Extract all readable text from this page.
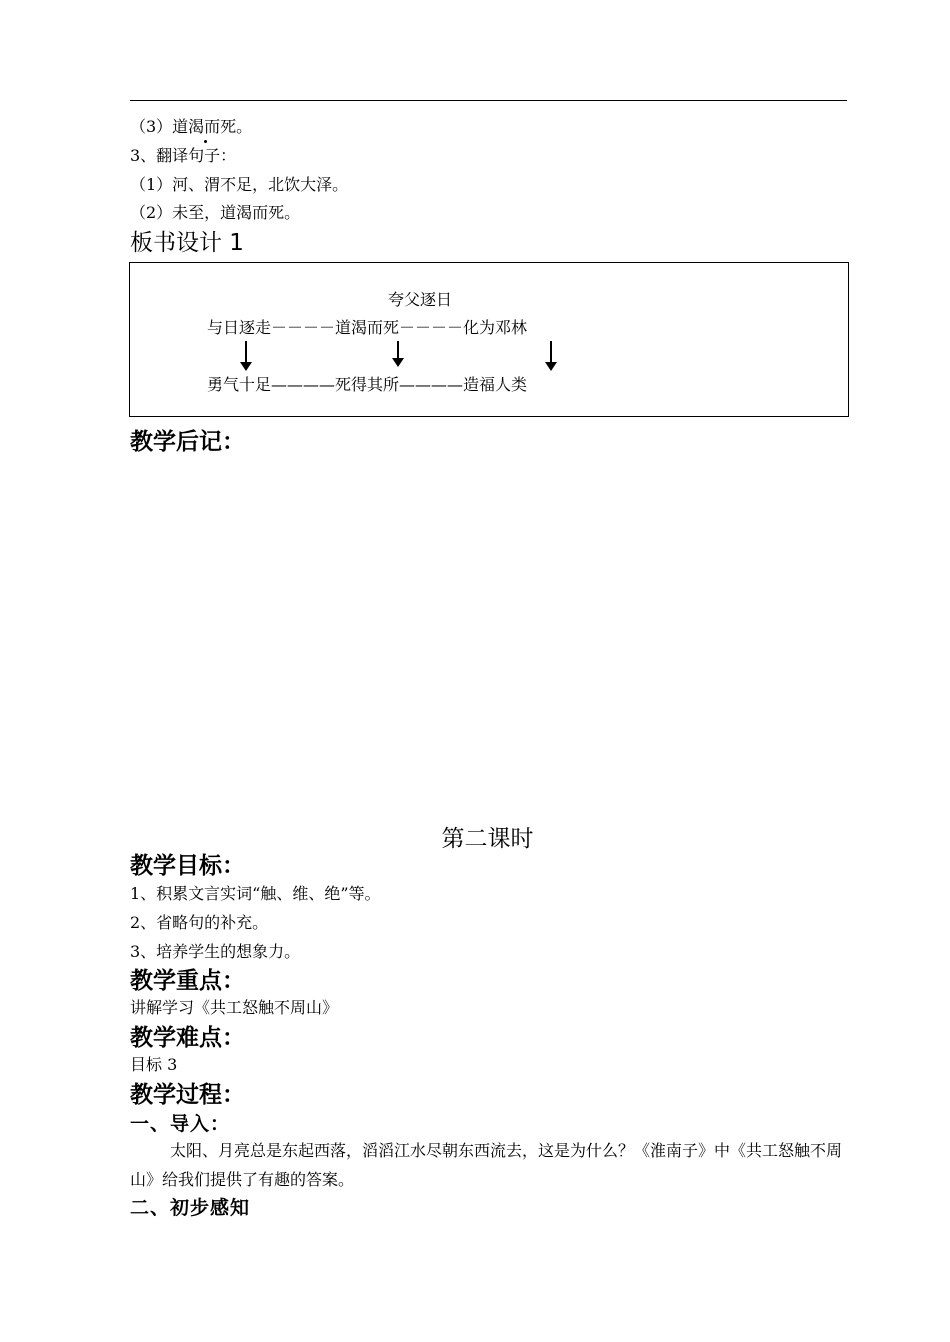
（3）道渴而死。
3、翻译句子：
（1）河、渭不足，北饮大泽。
（2）未至，道渴而死。
板书设计 1
夸父逐日
与日逐走－－－－道渴而死－－－－化为邓林
勇气十足————死得其所————造福人类
教学后记：
第二课时
教学目标：
1、积累文言实词“触、维、绝”等。
2、省略句的补充。
3、培养学生的想象力。
教学重点：
讲解学习《共工怒触不周山》
教学难点：
目标 3
教学过程：
一、导入：
太阳、月亮总是东起西落，滔滔江水尽朝东西流去，这是为什么？《淮南子》中《共工怒触不周山》给我们提供了有趣的答案。
二、初步感知
